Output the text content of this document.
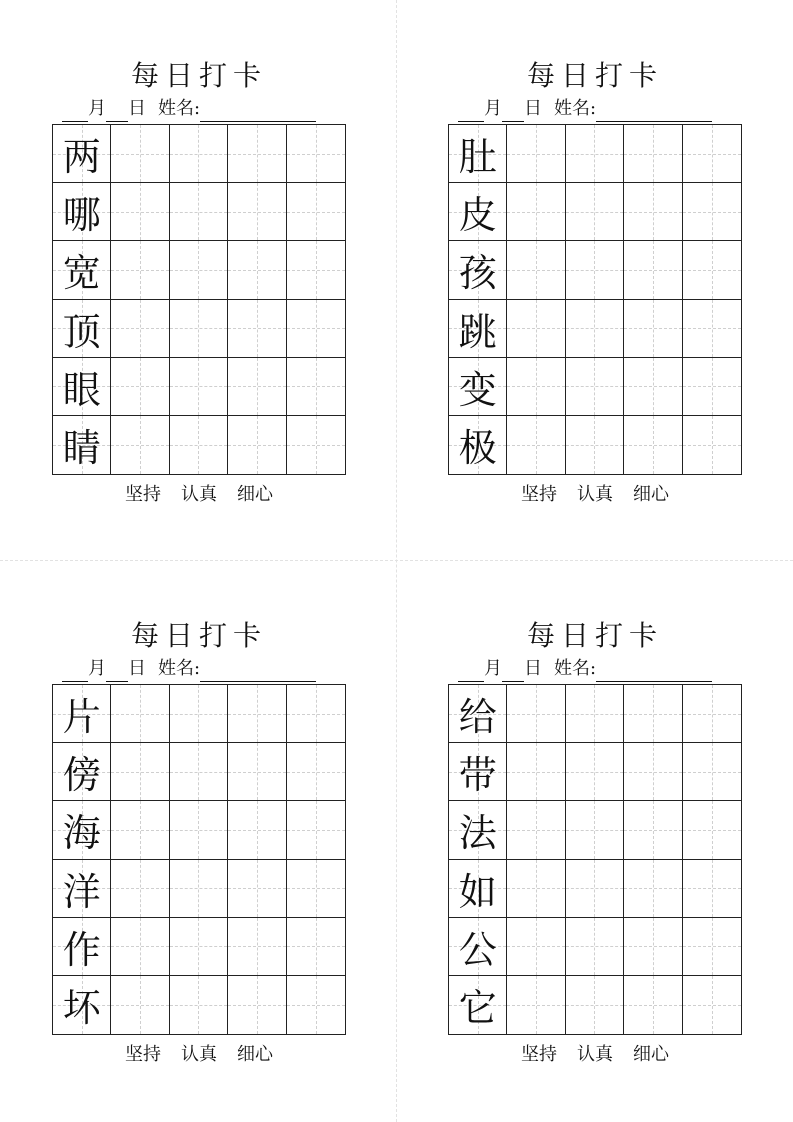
每日打卡
月 日 姓名:
两
哪
宽
顶
眼
睛
坚持 认真 细心
每日打卡
月 日 姓名:
肚
皮
孩
跳
变
极
坚持 认真 细心
每日打卡
月 日 姓名:
片
傍
海
洋
作
坏
坚持 认真 细心
每日打卡
月 日 姓名:
给
带
法
如
公
它
坚持 认真 细心
